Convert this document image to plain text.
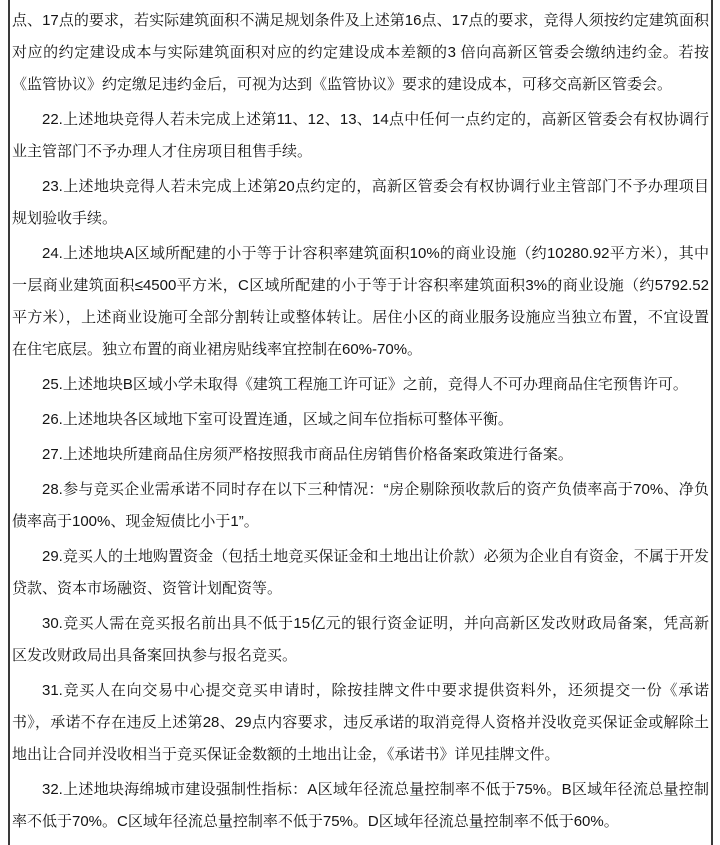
点、17点的要求，若实际建筑面积不满足规划条件及上述第16点、17点的要求，竞得人须按约定建筑面积对应的约定建设成本与实际建筑面积对应的约定建设成本差额的3 倍向高新区管委会缴纳违约金。若按《监管协议》约定缴足违约金后，可视为达到《监管协议》要求的建设成本，可移交高新区管委会。

22.上述地块竞得人若未完成上述第11、12、13、14点中任何一点约定的，高新区管委会有权协调行业主管部门不予办理人才住房项目租售手续。

23.上述地块竞得人若未完成上述第20点约定的，高新区管委会有权协调行业主管部门不予办理项目规划验收手续。

24.上述地块A区域所配建的小于等于计容积率建筑面积10%的商业设施（约10280.92平方米），其中一层商业建筑面积≤4500平方米，C区域所配建的小于等于计容积率建筑面积3%的商业设施（约5792.52平方米），上述商业设施可全部分割转让或整体转让。居住小区的商业服务设施应当独立布置，不宜设置在住宅底层。独立布置的商业裙房贴线率宜控制在60%-70%。

25.上述地块B区域小学未取得《建筑工程施工许可证》之前，竞得人不可办理商品住宅预售许可。

26.上述地块各区域地下室可设置连通，区域之间车位指标可整体平衡。

27.上述地块所建商品住房须严格按照我市商品住房销售价格备案政策进行备案。

28.参与竞买企业需承诺不同时存在以下三种情况：“房企剔除预收款后的资产负债率高于70%、净负债率高于100%、现金短债比小于1”。

29.竞买人的土地购置资金（包括土地竞买保证金和土地出让价款）必须为企业自有资金，不属于开发贷款、资本市场融资、资管计划配资等。

30.竞买人需在竞买报名前出具不低于15亿元的银行资金证明，并向高新区发改财政局备案，凭高新区发改财政局出具备案回执参与报名竞买。

31.竞买人在向交易中心提交竞买申请时，除按挂牌文件中要求提供资料外，还须提交一份《承诺书》，承诺不存在违反上述第28、29点内容要求，违反承诺的取消竞得人资格并没收竞买保证金或解除土地出让合同并没收相当于竞买保证金数额的土地出让金，《承诺书》详见挂牌文件。

32.上述地块海绵城市建设强制性指标：A区域年径流总量控制率不低于75%。B区域年径流总量控制率不低于70%。C区域年径流总量控制率不低于75%。D区域年径流总量控制率不低于60%。
